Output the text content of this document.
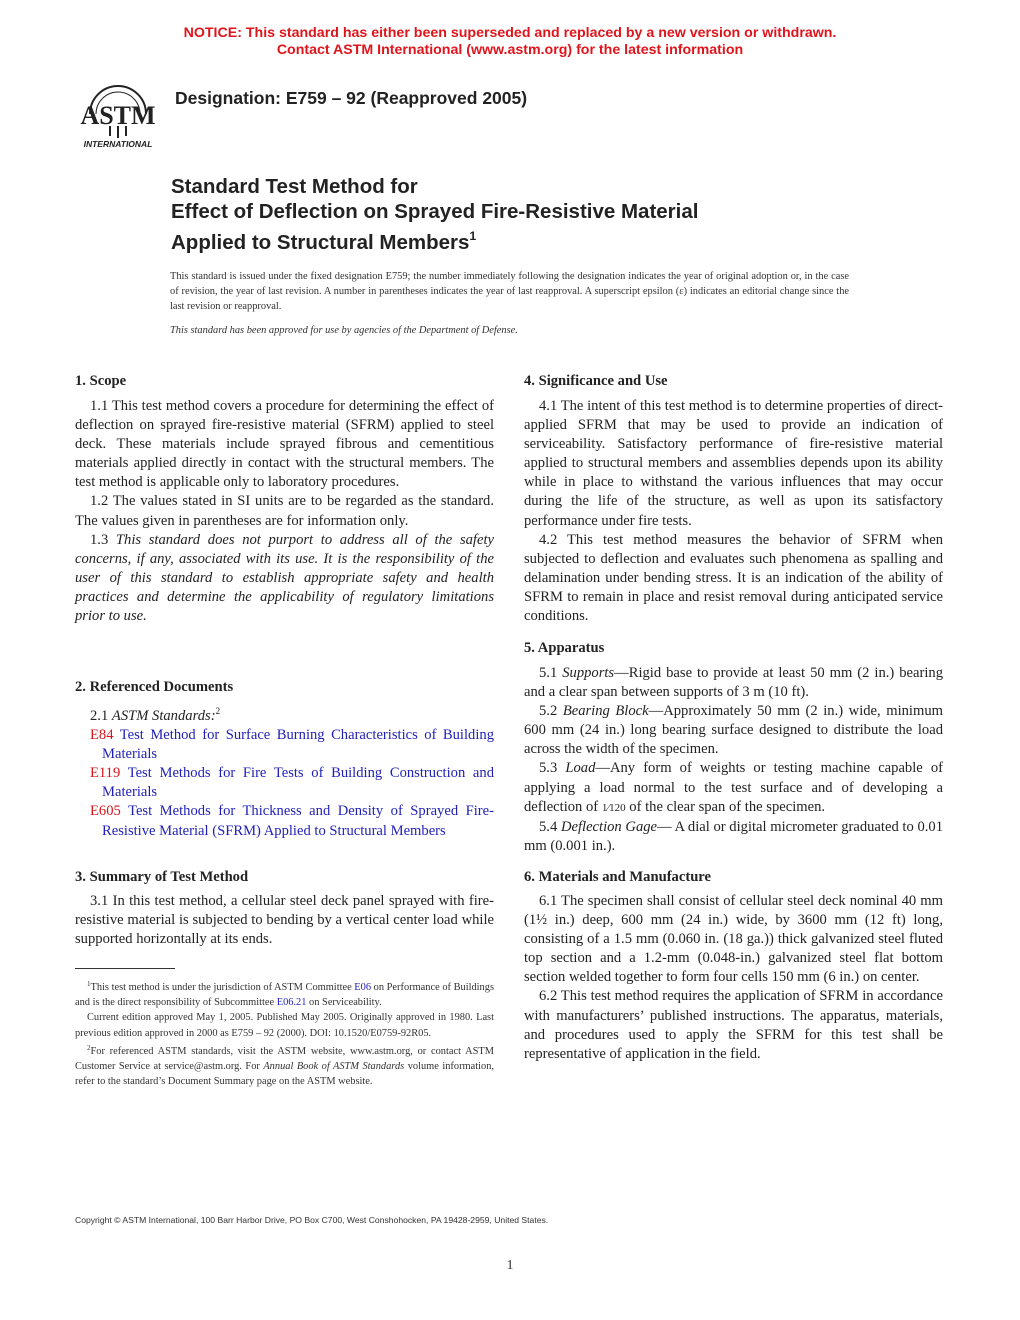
NOTICE: This standard has either been superseded and replaced by a new version or withdrawn.
Contact ASTM International (www.astm.org) for the latest information
ASTM
INTERNATIONAL
Designation: E759 – 92 (Reapproved 2005)
Standard Test Method for
Effect of Deflection on Sprayed Fire-Resistive Material
Applied to Structural Members$^1$
This standard is issued under the fixed designation E759; the number immediately following the designation indicates the year of original adoption or, in the case of revision, the year of last revision. A number in parentheses indicates the year of last reapproval. A superscript epsilon (ε) indicates an editorial change since the last revision or reapproval.
This standard has been approved for use by agencies of the Department of Defense.
1. Scope

1.1 This test method covers a procedure for determining the effect of deflection on sprayed fire-resistive material (SFRM) applied to steel deck. These materials include sprayed fibrous and cementitious materials applied directly in contact with the structural members. The test method is applicable only to laboratory procedures.

1.2 The values stated in SI units are to be regarded as the standard. The values given in parentheses are for information only.

1.3 This standard does not purport to address all of the safety concerns, if any, associated with its use. It is the responsibility of the user of this standard to establish appropriate safety and health practices and determine the applicability of regulatory limitations prior to use.

2. Referenced Documents

2.1 ASTM Standards:$^2$

E84 Test Method for Surface Burning Characteristics of Building Materials

E119 Test Methods for Fire Tests of Building Construction and Materials

E605 Test Methods for Thickness and Density of Sprayed Fire-Resistive Material (SFRM) Applied to Structural Members

3. Summary of Test Method

3.1 In this test method, a cellular steel deck panel sprayed with fire-resistive material is subjected to bending by a vertical center load while supported horizontally at its ends.

$^1$This test method is under the jurisdiction of ASTM Committee E06 on Performance of Buildings and is the direct responsibility of Subcommittee E06.21 on Serviceability.

Current edition approved May 1, 2005. Published May 2005. Originally approved in 1980. Last previous edition approved in 2000 as E759 – 92 (2000). DOI: 10.1520/E0759-92R05.

$^2$For referenced ASTM standards, visit the ASTM website, www.astm.org, or contact ASTM Customer Service at service@astm.org. For Annual Book of ASTM Standards volume information, refer to the standard’s Document Summary page on the ASTM website.

4. Significance and Use

4.1 The intent of this test method is to determine properties of direct-applied SFRM that may be used to provide an indication of serviceability. Satisfactory performance of fire-resistive material applied to structural members and assemblies depends upon its ability while in place to withstand the various influences that may occur during the life of the structure, as well as upon its satisfactory performance under fire tests.

4.2 This test method measures the behavior of SFRM when subjected to deflection and evaluates such phenomena as spalling and delamination under bending stress. It is an indication of the ability of SFRM to remain in place and resist removal during anticipated service conditions.

5. Apparatus

5.1 Supports—Rigid base to provide at least 50 mm (2 in.) bearing and a clear span between supports of 3 m (10 ft).

5.2 Bearing Block—Approximately 50 mm (2 in.) wide, minimum 600 mm (24 in.) long bearing surface designed to distribute the load across the width of the specimen.

5.3 Load—Any form of weights or testing machine capable of applying a load normal to the test surface and of developing a deflection of 1⁄120 of the clear span of the specimen.

5.4 Deflection Gage— A dial or digital micrometer graduated to 0.01 mm (0.001 in.).

6. Materials and Manufacture

6.1 The specimen shall consist of cellular steel deck nominal 40 mm (1½ in.) deep, 600 mm (24 in.) wide, by 3600 mm (12 ft) long, consisting of a 1.5 mm (0.060 in. (18 ga.)) thick galvanized steel fluted top section and a 1.2-mm (0.048-in.) galvanized steel flat bottom section welded together to form four cells 150 mm (6 in.) on center.

6.2 This test method requires the application of SFRM in accordance with manufacturers’ published instructions. The apparatus, materials, and procedures used to apply the SFRM for this test shall be representative of application in the field.

Copyright © ASTM International, 100 Barr Harbor Drive, PO Box C700, West Conshohocken, PA 19428-2959, United States.
1
